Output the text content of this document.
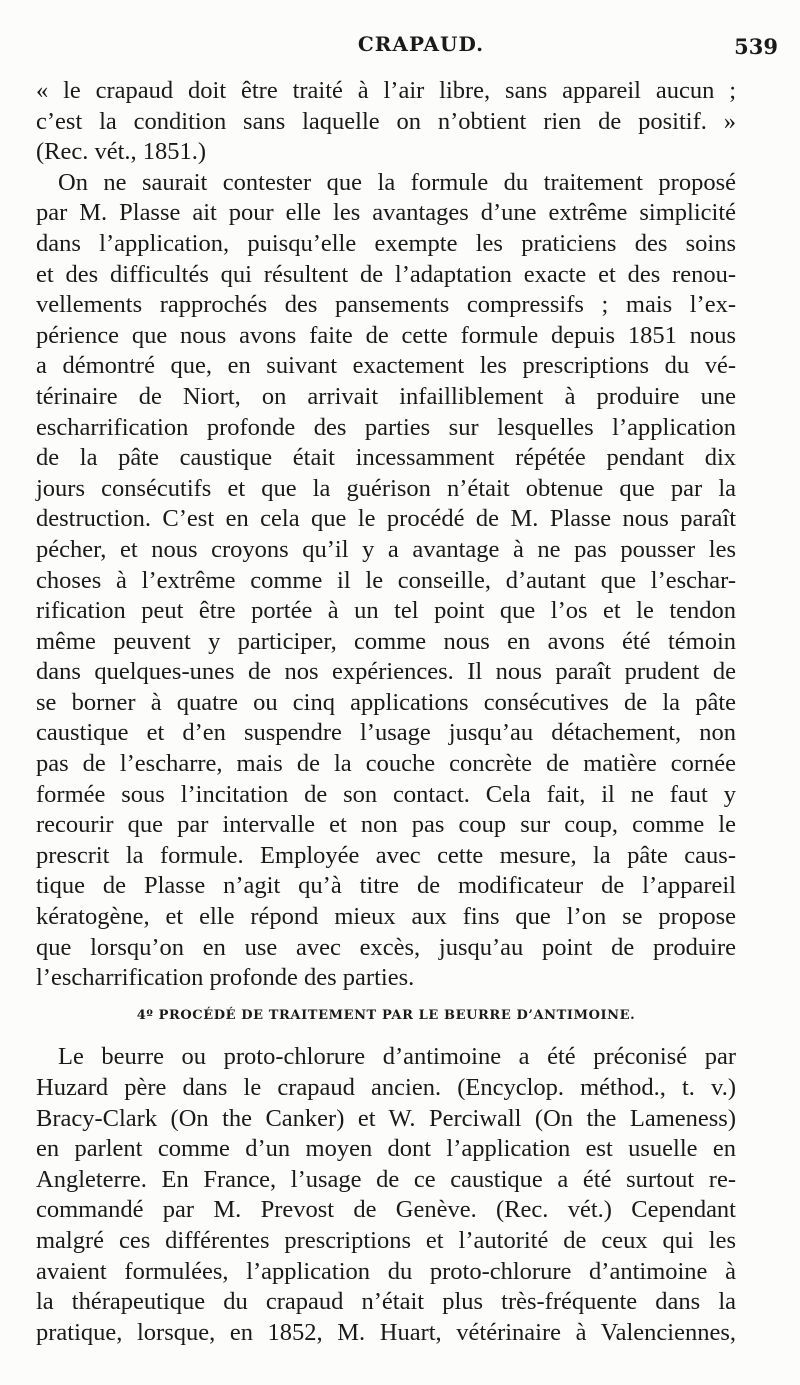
CRAPAUD.	539
« le crapaud doit être traité à l’air libre, sans appareil aucun ;
c’est la condition sans laquelle on n’obtient rien de positif. »
(Rec. vét., 1851.)
On ne saurait contester que la formule du traitement proposé
par M. Plasse ait pour elle les avantages d’une extrême simplicité
dans l’application, puisqu’elle exempte les praticiens des soins
et des difficultés qui résultent de l’adaptation exacte et des renou-
vellements rapprochés des pansements compressifs ; mais l’ex-
périence que nous avons faite de cette formule depuis 1851 nous
a démontré que, en suivant exactement les prescriptions du vé-
térinaire de Niort, on arrivait infailliblement à produire une
escharrification profonde des parties sur lesquelles l’application
de la pâte caustique était incessamment répétée pendant dix
jours consécutifs et que la guérison n’était obtenue que par la
destruction. C’est en cela que le procédé de M. Plasse nous paraît
pécher, et nous croyons qu’il y a avantage à ne pas pousser les
choses à l’extrême comme il le conseille, d’autant que l’eschar-
rification peut être portée à un tel point que l’os et le tendon
même peuvent y participer, comme nous en avons été témoin
dans quelques-unes de nos expériences. Il nous paraît prudent de
se borner à quatre ou cinq applications consécutives de la pâte
caustique et d’en suspendre l’usage jusqu’au détachement, non
pas de l’escharre, mais de la couche concrète de matière cornée
formée sous l’incitation de son contact. Cela fait, il ne faut y
recourir que par intervalle et non pas coup sur coup, comme le
prescrit la formule. Employée avec cette mesure, la pâte caus-
tique de Plasse n’agit qu’à titre de modificateur de l’appareil
kératogène, et elle répond mieux aux fins que l’on se propose
que lorsqu’on en use avec excès, jusqu’au point de produire
l’escharrification profonde des parties.
4º PROCÉDÉ DE TRAITEMENT PAR LE BEURRE D’ANTIMOINE.
Le beurre ou proto-chlorure d’antimoine a été préconisé par
Huzard père dans le crapaud ancien. (Encyclop. méthod., t. v.)
Bracy-Clark (On the Canker) et W. Perciwall (On the Lameness)
en parlent comme d’un moyen dont l’application est usuelle en
Angleterre. En France, l’usage de ce caustique a été surtout re-
commandé par M. Prevost de Genève. (Rec. vét.) Cependant
malgré ces différentes prescriptions et l’autorité de ceux qui les
avaient formulées, l’application du proto-chlorure d’antimoine à
la thérapeutique du crapaud n’était plus très-fréquente dans la
pratique, lorsque, en 1852, M. Huart, vétérinaire à Valenciennes,
